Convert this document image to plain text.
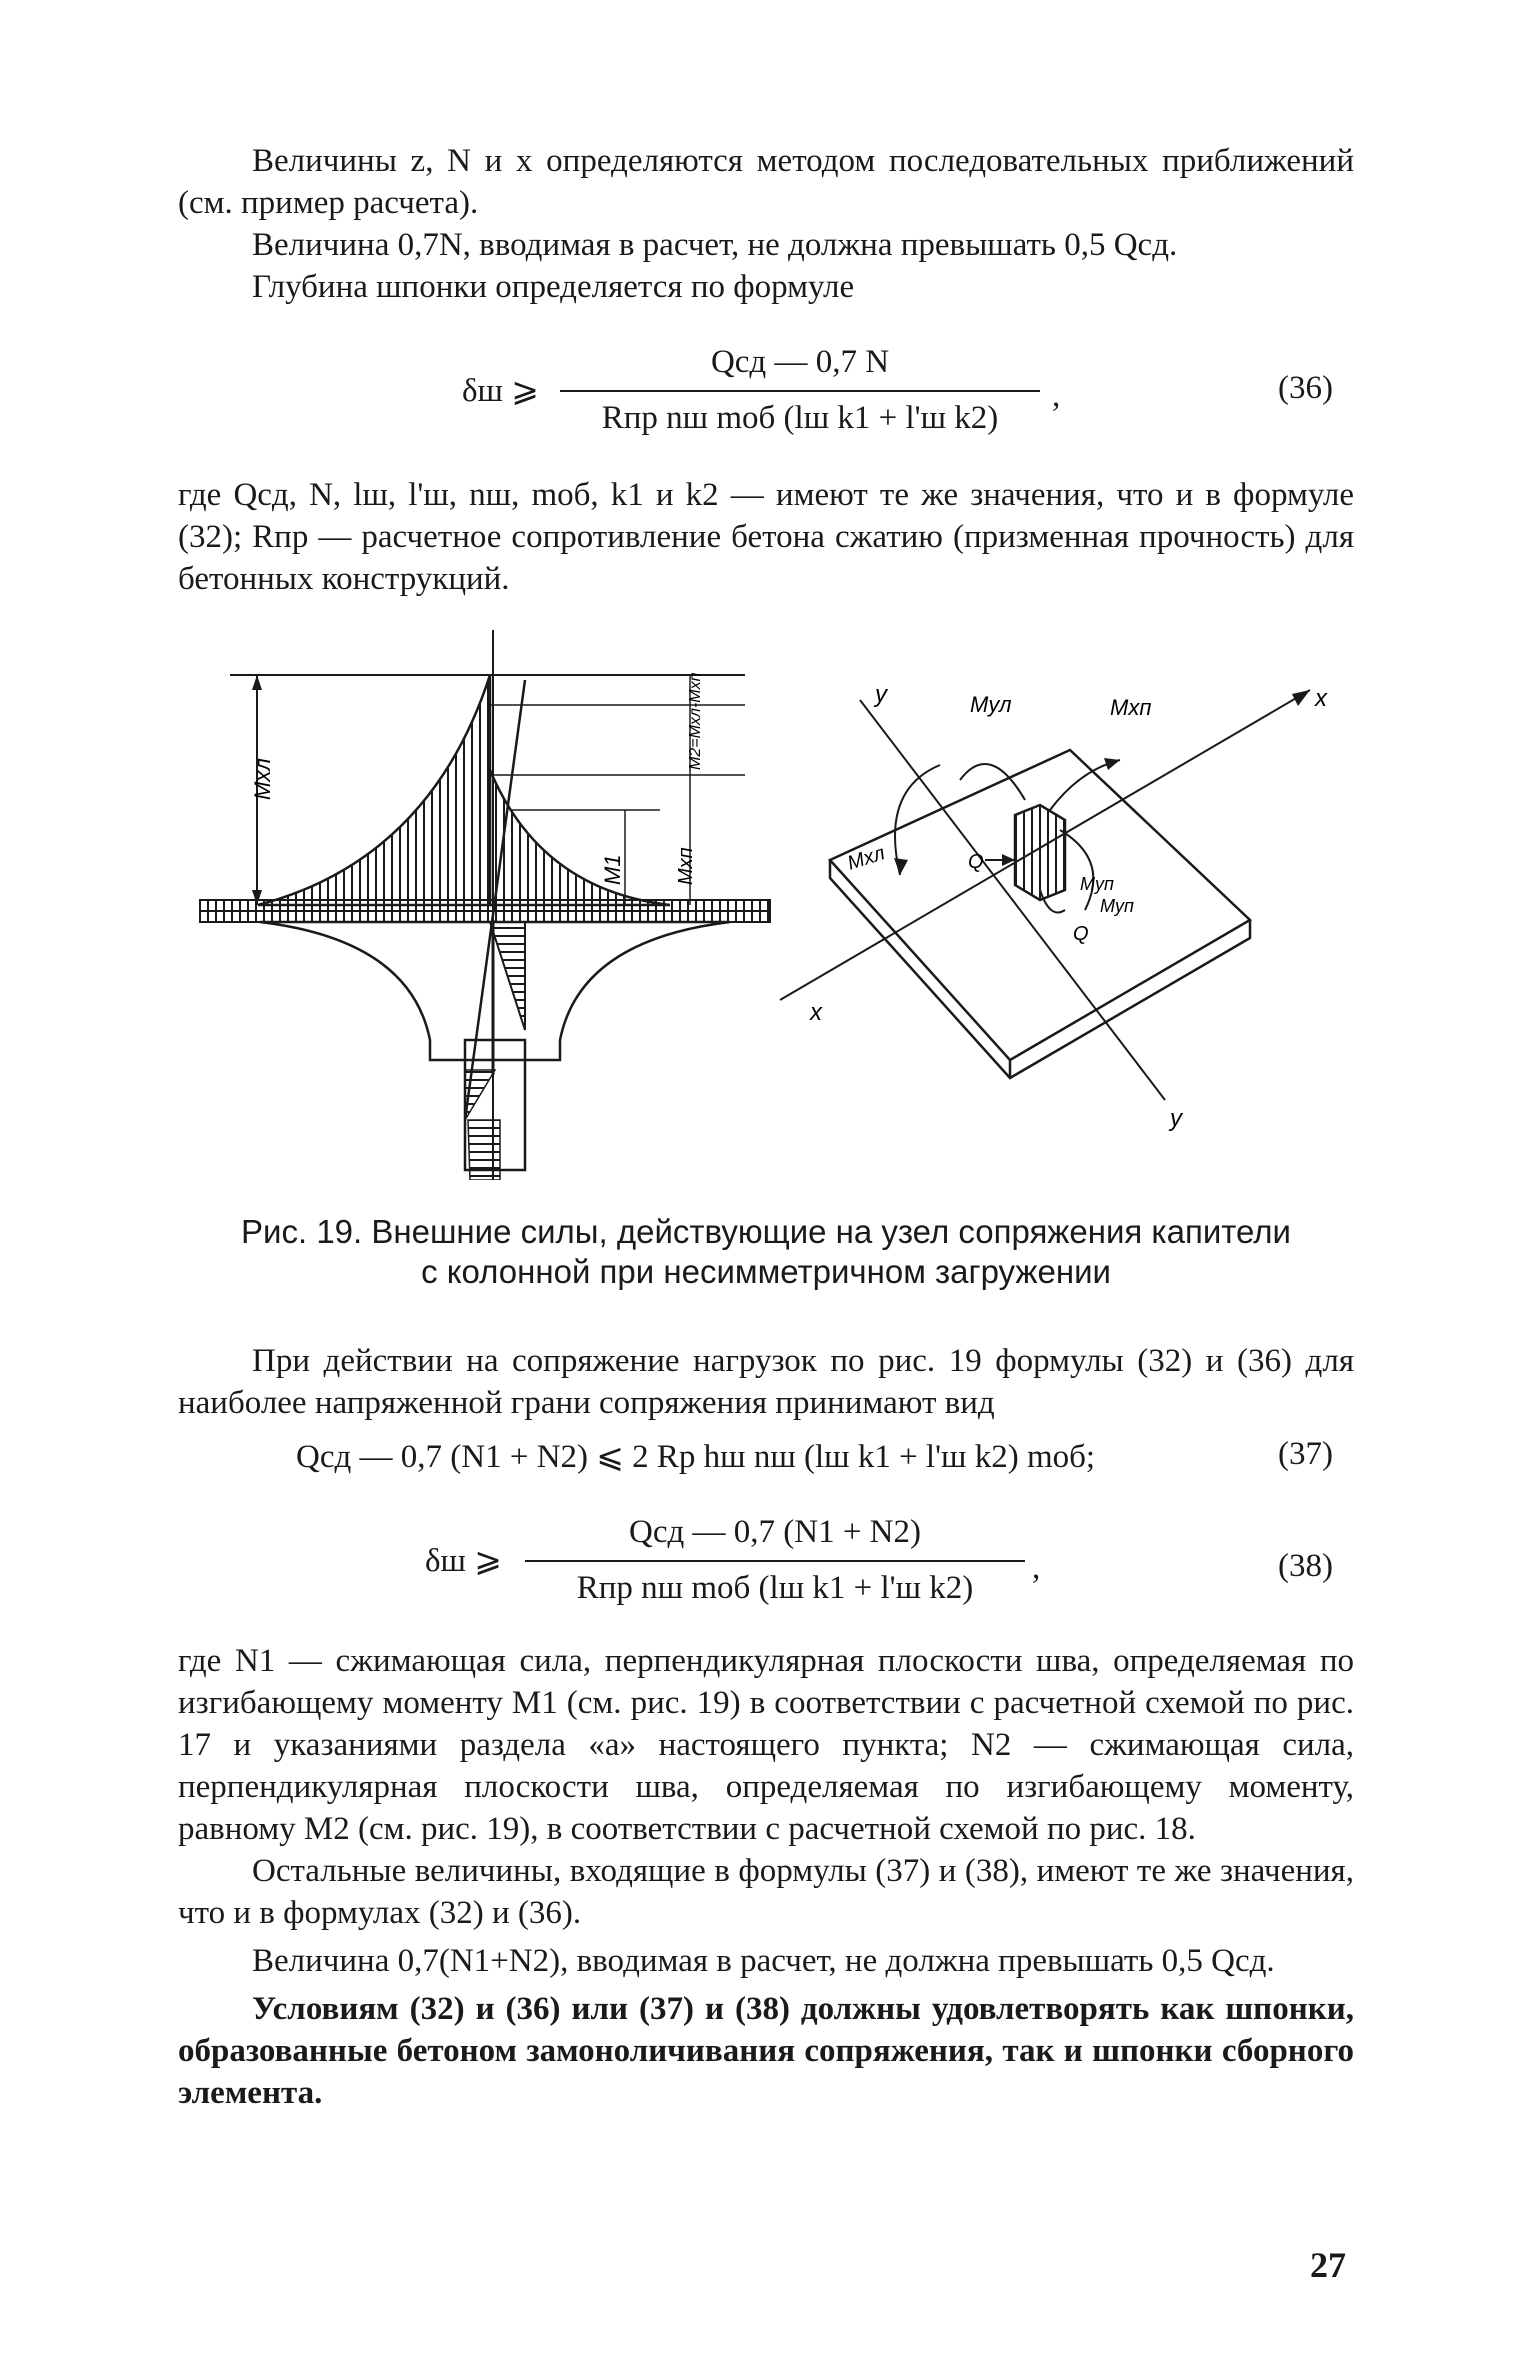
Величины z, N и x определяются методом последовательных приближений (см. пример расчета).

Величина 0,7N, вводимая в расчет, не должна превышать 0,5 Qсд.

Глубина шпонки определяется по формуле

δш ⩾
Qсд — 0,7 N
Rпр nш mоб (lш k1 + l'ш k2)
,	(36)

где Qсд, N, lш, l'ш, nш, mоб, k1 и k2 — имеют те же значения, что и в формуле (32); Rпр — расчетное сопротивление бетона сжатию (призменная прочность) для бетонных конструкций.

Mхл
M2=Mхл-Mхп
M1	Mхп
y	Mул	Mхп	x
Mхл	Q
Mуп
Mуп
Q
x
y
Рис. 19. Внешние силы, действующие на узел сопряжения капители
с колонной при несимметричном загружении

При действии на сопряжение нагрузок по рис. 19 формулы (32) и (36) для наиболее напряженной грани сопряжения принимают вид

Qсд — 0,7 (N1 + N2) ⩽ 2 Rр hш nш (lш k1 + l'ш k2) mоб;	(37)
δш ⩾
Qсд — 0,7 (N1 + N2)
Rпр nш mоб (lш k1 + l'ш k2)
,	(38)

где N1 — сжимающая сила, перпендикулярная плоскости шва, определяемая по изгибающему моменту M1 (см. рис. 19) в соответствии с расчетной схемой по рис. 17 и указаниями раздела «а» настоящего пункта; N2 — сжимающая сила, перпендикулярная плоскости шва, определяемая по изгибающему моменту, равному M2 (см. рис. 19), в соответствии с расчетной схемой по рис. 18.

Остальные величины, входящие в формулы (37) и (38), имеют те же значения, что и в формулах (32) и (36).

Величина 0,7(N1+N2), вводимая в расчет, не должна превышать 0,5 Qсд.

Условиям (32) и (36) или (37) и (38) должны удовлетворять как шпонки, образованные бетоном замоноличивания сопряжения, так и шпонки сборного элемента.

27
